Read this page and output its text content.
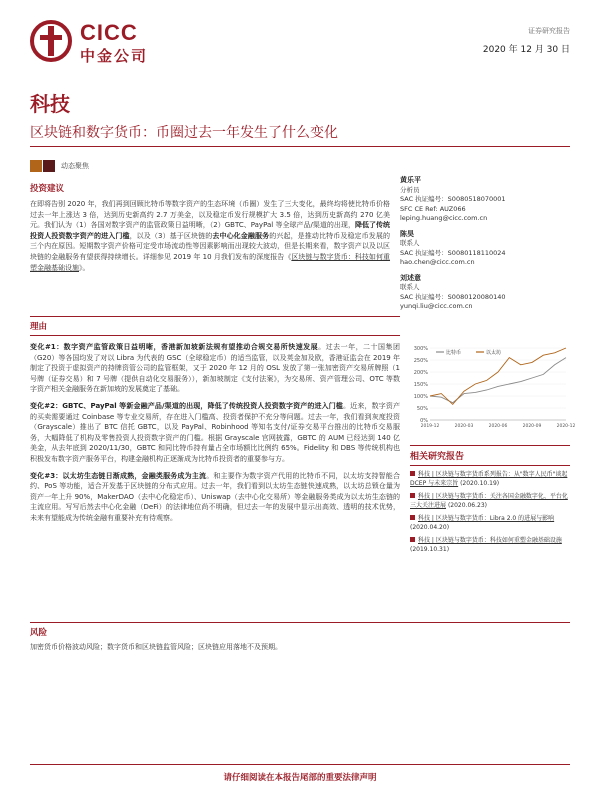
CICC
中金公司
证券研究报告
2020 年 12 月 30 日
科技
区块链和数字货币：币圈过去一年发生了什么变化
动态聚焦
投资建议
在即将告别 2020 年，我们再到回顾比特币等数字资产的生态环境（币圈）发生了三大变化，最终均将使比特币价格过去一年上涨达 3 倍，达到历史新高约 2.7 万美金，以及稳定币发行规模扩大 3.5 倍，达到历史新高约 270 亿美元。我们认为（1）各国对数字资产的监管政策日益明晰，（2）GBTC、PayPal 等全球产品/渠道的出现，降低了传统投资人投资数字资产的进入门槛，以及（3）基于区块链的去中心化金融服务的兴起，是推动比特币及稳定币发展的三个内在原因。短期数字资产价格可定受市场流动性等因素影响而出现较大波动，但是长期来看，数字资产以及以区块链的金融服务有望获得持续增长。详细参见 2019 年 10 月我们发布的深度报告《区块链与数字货币：科技如何重塑金融基础设施》。
黄乐平
分析员
SAC 执证编号：S0080518070001
SFC CE Ref: AUZ066
leping.huang@cicc.com.cn
陈昊
联系人
SAC 执证编号：S0080118110024
hao.chen@cicc.com.cn
刘述意
联系人
SAC 执证编号：S0080120080140
yunqi.liu@cicc.com.cn
理由
变化#1：数字资产监管政策日益明晰，香港新加坡新法规有望推动合规交易所快速发展。过去一年，二十国集团（G20）等各国均发了对以 Libra 为代表的 GSC（全球稳定币）的适当监管，以及英金加及欧，香港证监会在 2019 年制定了投资于虚拟资产的持牌资管公司的监管框架，又于 2020 年 12 月的 OSL 发放了第一张加密资产交易所牌照（1 号牌（证券交易）和 7 号牌（提供自动化交易服务）），新加坡制定《支付法案》，为交易所、资产管理公司、OTC 等数字资产相关金融服务在新加坡的发展奠定了基础。
变化#2：GBTC、PayPal 等新金融产品/渠道的出现，降低了传统投资人投资数字资产的进入门槛。近来，数字资产的买卖需要通过 Coinbase 等专业交易所，存在进入门槛高、投资者保护不充分等问题。过去一年，我们看到灰度投资（Grayscale）推出了 BTC 信托 GBTC，以及 PayPal、Robinhood 等知名支付/证券交易平台推出的比特币交易服务，大幅降低了机构及零售投资人投资数字资产的门槛。根据 Grayscale 官网披露，GBTC 的 AUM 已经达到 140 亿美金，从去年底到 2020/11/30，GBTC 和同比特币持有量占全市场额比比例约 65%。Fidelity 和 DBS 等传统机构也积极发布数字资产服务平台，构建金融机构正逐渐成为比特币投资者的重要参与方。
变化#3：以太坊生态链日渐成熟，金融类服务成为主流。和主要作为数字资产代用的比特币不同，以太坊支持智能合约、PoS 等功能，适合开发基于区块链的分布式应用。过去一年，我们看到以太坊生态链快速成熟，以太坊总锁仓量为资产一年上升 90%，MakerDAO（去中心化稳定币）、Uniswap（去中心化交易所）等金融服务类成为以太坊生态链的主流应用。写写后然去中心化金融（DeFi）的法律地位尚不明确，但过去一年的发展中显示出高效、透明的技术优势，未来有望能成为传统金融有重要补充有待观察。
300%
250%
200%
150%
100%
50%
0%
2019-12	2020-03	2020-06	2020-09	2020-12
比特币	以太坊
相关研究报告
科技 | 区块链与数字货币系列报告：从"数字人民币"谈起 DCEP 与未来宗旨 (2020.10.19)
科技 | 区块链与数字货币：关注各国金融数字化、平台化三大关注进展 (2020.06.23)
科技 | 区块链与数字货币：Libra 2.0 的进展与影响 (2020.04.20)
科技 | 区块链与数字货币：科技如何重塑金融基础设施 (2019.10.31)
风险
加密货币价格波动风险；数字货币和区块链监管风险；区块链应用落地不及预期。
请仔细阅读在本报告尾部的重要法律声明
